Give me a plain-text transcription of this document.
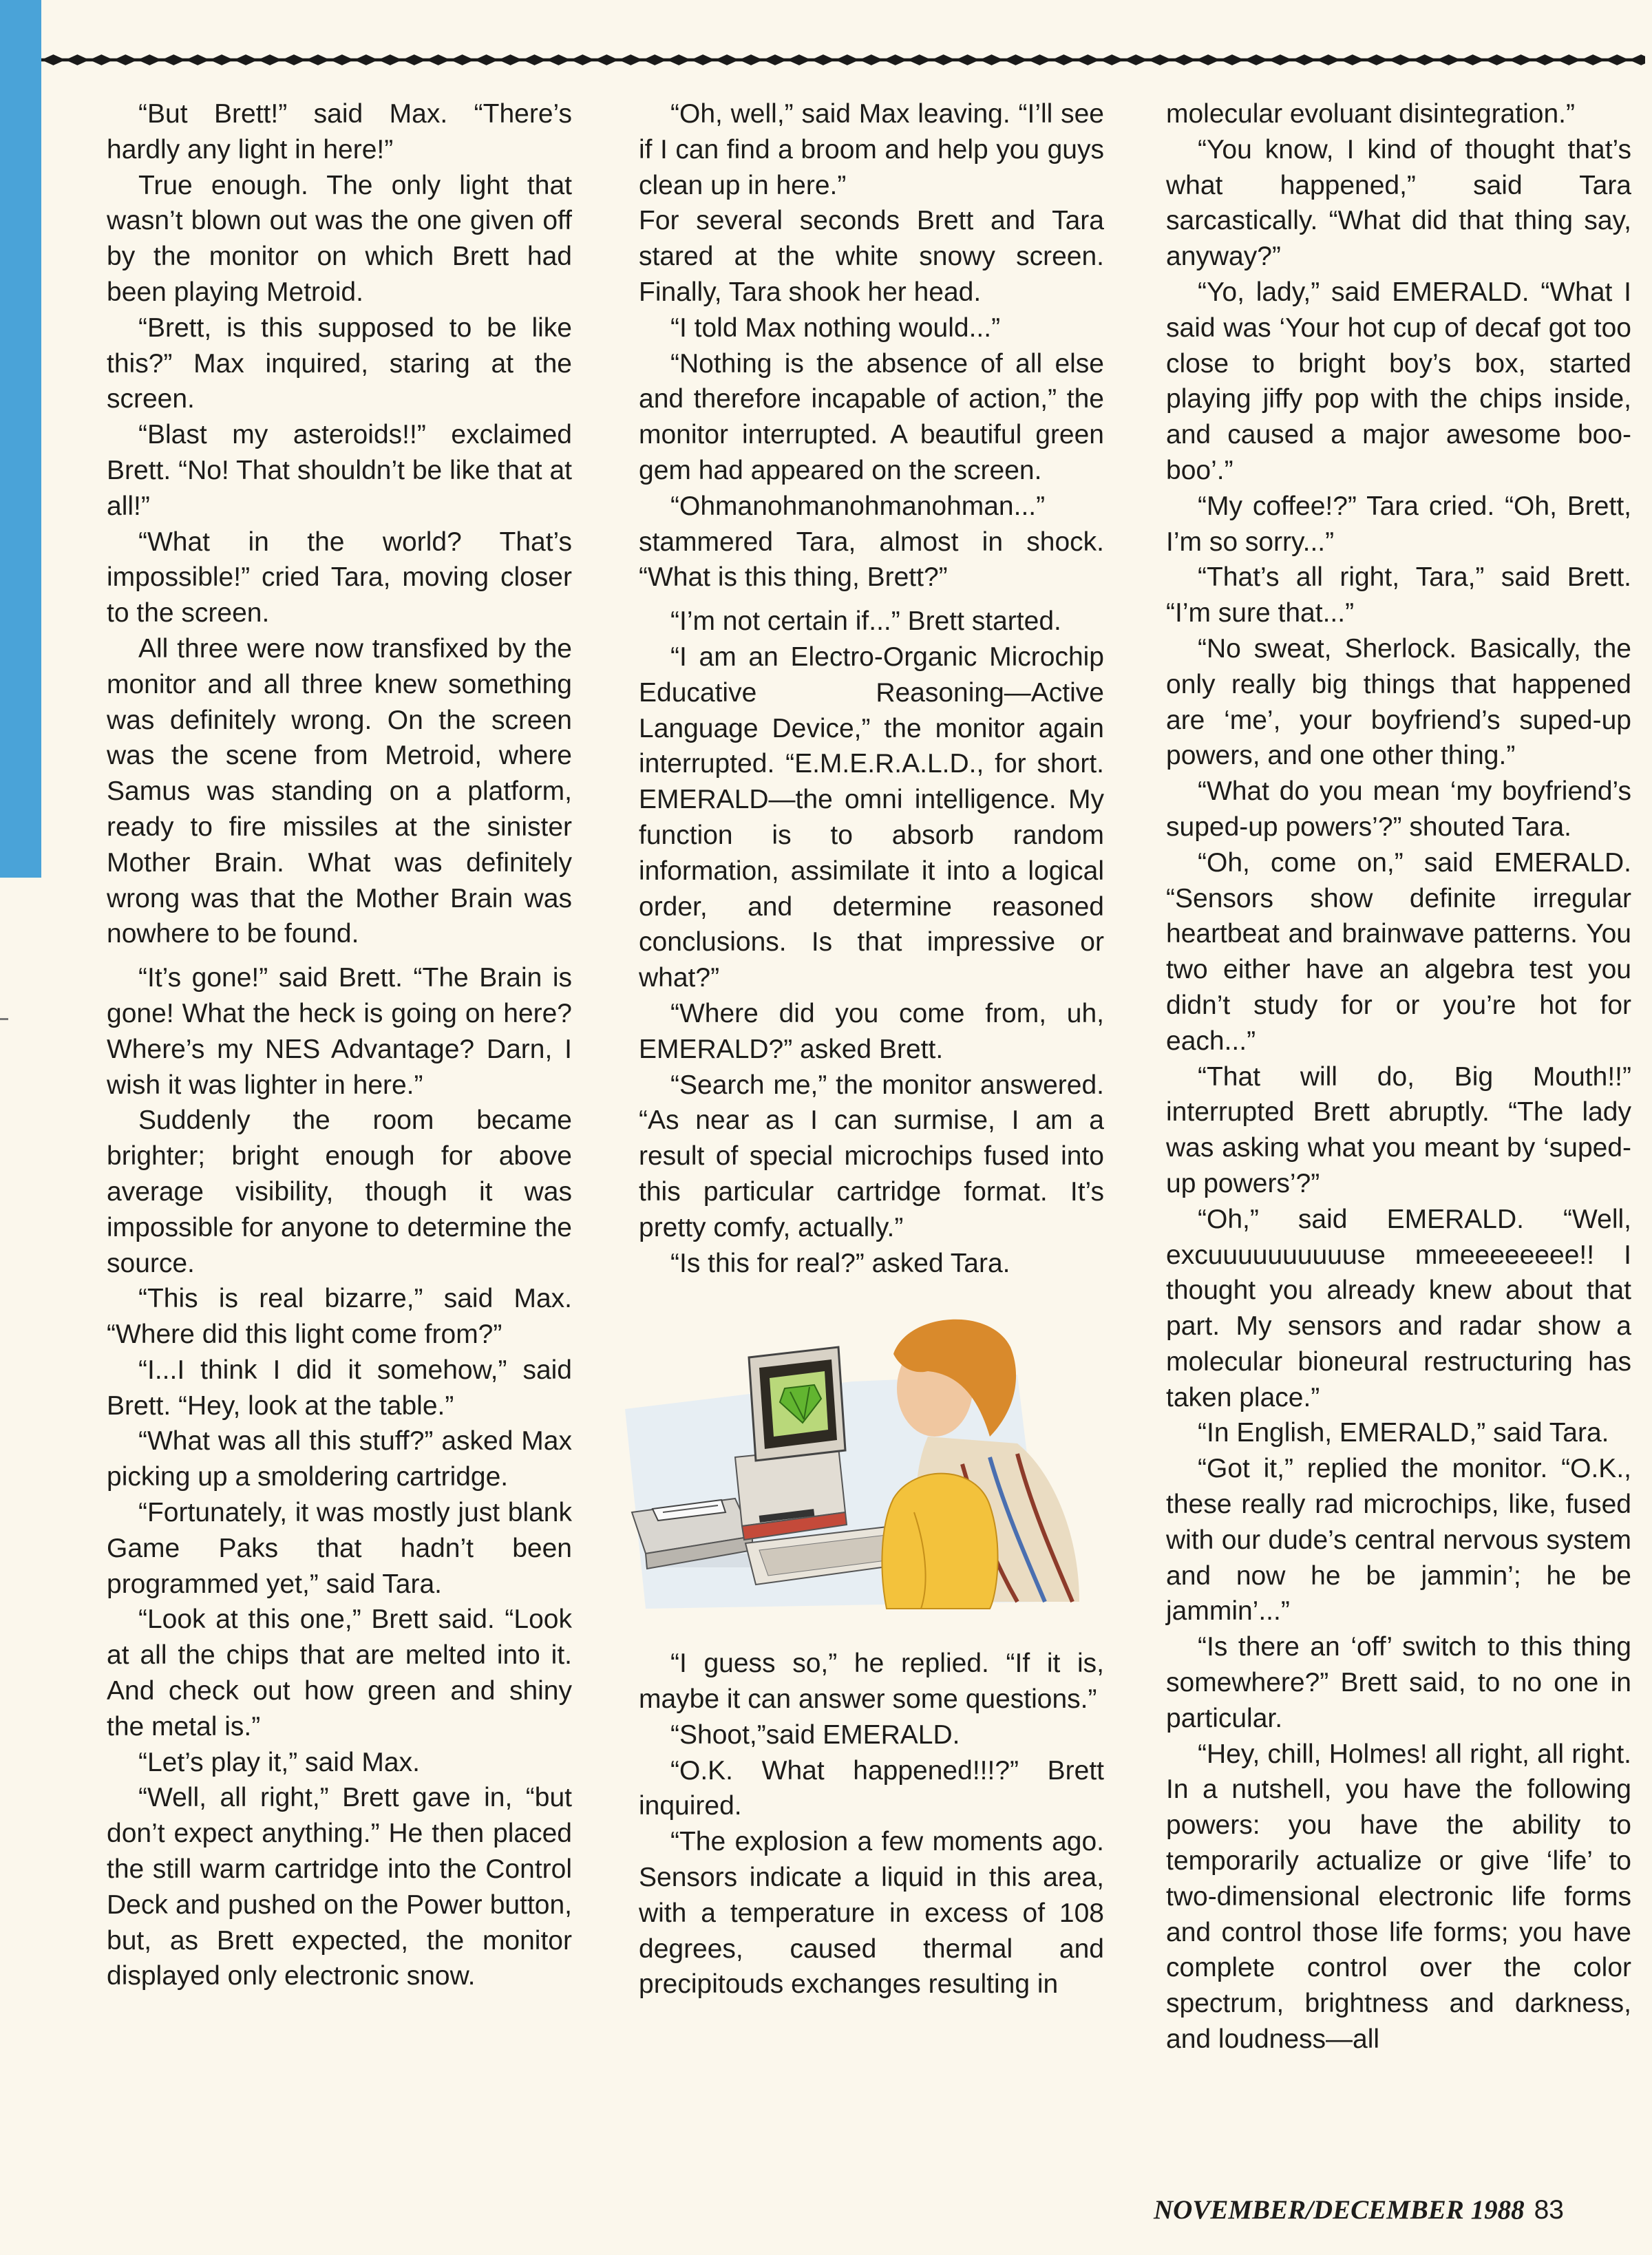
“But Brett!” said Max. “There’s hardly any light in here!”

True enough. The only light that wasn’t blown out was the one given off by the monitor on which Brett had been playing Metroid.

“Brett, is this supposed to be like this?” Max inquired, staring at the screen.

“Blast my asteroids!!” exclaimed Brett. “No! That shouldn’t be like that at all!”

“What in the world? That’s impossible!” cried Tara, moving closer to the screen.

All three were now transfixed by the monitor and all three knew something was definitely wrong. On the screen was the scene from Metroid, where Samus was standing on a platform, ready to fire missiles at the sinister Mother Brain. What was definitely wrong was that the Mother Brain was nowhere to be found.

“It’s gone!” said Brett. “The Brain is gone! What the heck is going on here? Where’s my NES Advantage? Darn, I wish it was lighter in here.”

Suddenly the room became brighter; bright enough for above average visibility, though it was impossible for anyone to determine the source.

“This is real bizarre,” said Max. “Where did this light come from?”

“I...I think I did it somehow,” said Brett. “Hey, look at the table.”

“What was all this stuff?” asked Max picking up a smoldering cartridge.

“Fortunately, it was mostly just blank Game Paks that hadn’t been programmed yet,” said Tara.

“Look at this one,” Brett said. “Look at all the chips that are melted into it. And check out how green and shiny the metal is.”

“Let’s play it,” said Max.

“Well, all right,” Brett gave in, “but don’t expect anything.” He then placed the still warm cartridge into the Control Deck and pushed on the Power button, but, as Brett expected, the monitor displayed only electronic snow.

“Oh, well,” said Max leaving. “I’ll see if I can find a broom and help you guys clean up in here.”

For several seconds Brett and Tara stared at the white snowy screen. Finally, Tara shook her head.

“I told Max nothing would...”

“Nothing is the absence of all else and therefore incapable of action,” the monitor interrupted. A beautiful green gem had appeared on the screen.

“Ohmanohmanohmanohman...” stammered Tara, almost in shock. “What is this thing, Brett?”

“I’m not certain if...” Brett started.

“I am an Electro-Organic Microchip Educative Reasoning—Active Language Device,” the monitor again interrupted. “E.M.E.R.A.L.D., for short. EMERALD—the omni intelligence. My function is to absorb random information, assimilate it into a logical order, and determine reasoned conclusions. Is that impressive or what?”

“Where did you come from, uh, EMERALD?” asked Brett.

“Search me,” the monitor answered. “As near as I can surmise, I am a result of special microchips fused into this particular cartridge format. It’s pretty comfy, actually.”

“Is this for real?” asked Tara.

“I guess so,” he replied. “If it is, maybe it can answer some questions.”

“Shoot,”said EMERALD.

“O.K. What happened!!!?” Brett inquired.

“The explosion a few moments ago. Sensors indicate a liquid in this area, with a temperature in excess of 108 degrees, caused thermal and precipitouds exchanges resulting in

molecular evoluant disintegration.”

“You know, I kind of thought that’s what happened,” said Tara sarcastically. “What did that thing say, anyway?”

“Yo, lady,” said EMERALD. “What I said was ‘Your hot cup of decaf got too close to bright boy’s box, started playing jiffy pop with the chips inside, and caused a major awesome boo-boo’.”

“My coffee!?” Tara cried. “Oh, Brett, I’m so sorry...”

“That’s all right, Tara,” said Brett. “I’m sure that...”

“No sweat, Sherlock. Basically, the only really big things that happened are ‘me’, your boyfriend’s suped-up powers, and one other thing.”

“What do you mean ‘my boyfriend’s suped-up powers’?” shouted Tara.

“Oh, come on,” said EMERALD. “Sensors show definite irregular heartbeat and brainwave patterns. You two either have an algebra test you didn’t study for or you’re hot for each...”

“That will do, Big Mouth!!” interrupted Brett abruptly. “The lady was asking what you meant by ‘suped-up powers’?”

“Oh,” said EMERALD. “Well, excuuuuuuuuuuse mmeeeeeeee!! I thought you already knew about that part. My sensors and radar show a molecular bioneural restructuring has taken place.”

“In English, EMERALD,” said Tara.

“Got it,” replied the monitor. “O.K., these really rad microchips, like, fused with our dude’s central nervous system and now he be jammin’; he be jammin’...”

“Is there an ‘off’ switch to this thing somewhere?” Brett said, to no one in particular.

“Hey, chill, Holmes! all right, all right. In a nutshell, you have the following powers: you have the ability to temporarily actualize or give ‘life’ to two-dimensional electronic life forms and control those life forms; you have complete control over the color spectrum, brightness and darkness, and loudness—all

NOVEMBER/DECEMBER 1988 83
